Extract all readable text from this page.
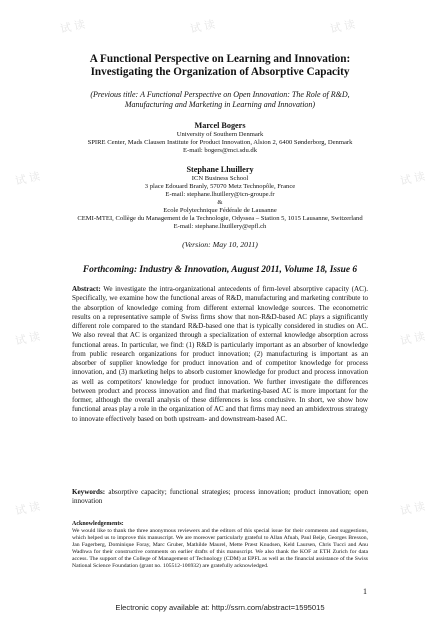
试读	试读	试读
试读	试读
试读	试读
试读	试读
A Functional Perspective on Learning and Innovation:
Investigating the Organization of Absorptive Capacity
(Previous title: A Functional Perspective on Open Innovation: The Role of R&D,
Manufacturing and Marketing in Learning and Innovation)
Marcel Bogers
University of Southern Denmark
SPIRE Center, Mads Clausen Institute for Product Innovation, Alsion 2, 6400 Sønderborg, Denmark
E-mail: bogers@mci.sdu.dk
Stephane Lhuillery
ICN Business School
3 place Edouard Branly, 57070 Metz Technopôle, France
E-mail: stephane.lhuillery@icn-groupe.fr
&
Ecole Polytechnique Fédérale de Lausanne
CEMI-MTEI, Collège du Management de la Technologie, Odyssea – Station 5, 1015 Lausanne, Switzerland
E-mail: stephane.lhuillery@epfl.ch
(Version: May 10, 2011)
Forthcoming: Industry & Innovation, August 2011, Volume 18, Issue 6
Abstract: We investigate the intra-organizational antecedents of firm-level absorptive capacity (AC). Specifically, we examine how the functional areas of R&D, manufacturing and marketing contribute to the absorption of knowledge coming from different external knowledge sources. The econometric results on a representative sample of Swiss firms show that non-R&D-based AC plays a significantly different role compared to the standard R&D-based one that is typically considered in studies on AC. We also reveal that AC is organized through a specialization of external knowledge absorption across functional areas. In particular, we find: (1) R&D is particularly important as an absorber of knowledge from public research organizations for product innovation; (2) manufacturing is important as an absorber of supplier knowledge for product innovation and of competitor knowledge for process innovation, and (3) marketing helps to absorb customer knowledge for product and process innovation as well as competitors' knowledge for product innovation. We further investigate the differences between product and process innovation and find that marketing-based AC is more important for the former, although the overall analysis of these differences is less conclusive. In short, we show how functional areas play a role in the organization of AC and that firms may need an ambidextrous strategy to innovate effectively based on both upstream- and downstream-based AC.
Keywords: absorptive capacity; functional strategies; process innovation; product innovation; open innovation
Acknowledgements:
We would like to thank the three anonymous reviewers and the editors of this special issue for their comments and suggestions, which helped us to improve this manuscript. We are moreover particularly grateful to Allan Afuah, Paul Beije, Georges Bresson, Jan Fagerberg, Dominique Foray, Marc Gruber, Mathilde Maurel, Mette Præst Knudsen, Keld Laursen, Chris Tucci and Anu Wadhwa for their constructive comments on earlier drafts of this manuscript. We also thank the KOF at ETH Zurich for data access. The support of the College of Management of Technology (CDM) at EPFL as well as the financial assistance of the Swiss National Science Foundation (grant no. 105512-106932) are gratefully acknowledged.
1
Electronic copy available at: http://ssrn.com/abstract=1595015
